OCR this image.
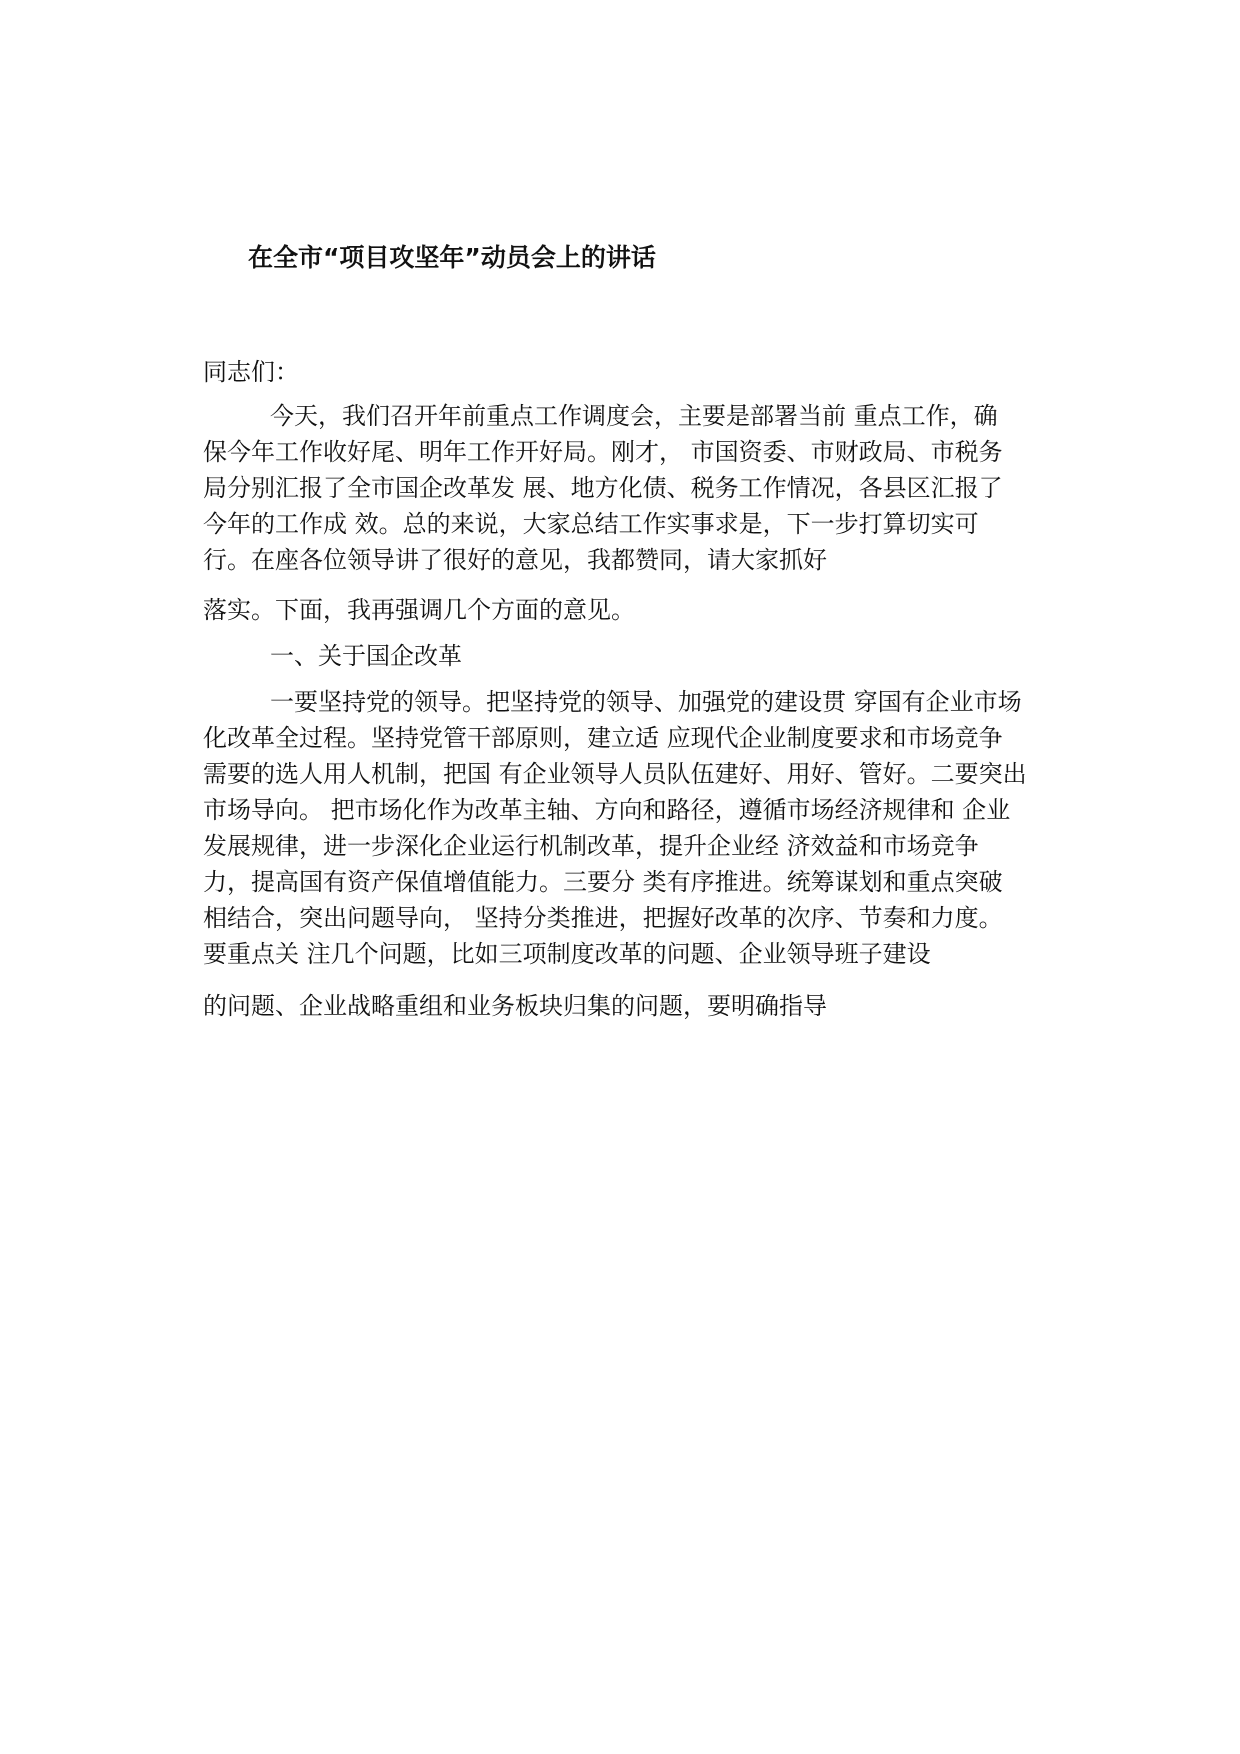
在全市“项目攻坚年”动员会上的讲话
同志们：
今天，我们召开年前重点工作调度会，主要是部署当前 重点工作，确
保今年工作收好尾、明年工作开好局。刚才， 市国资委、市财政局、市税务
局分别汇报了全市国企改革发 展、地方化债、税务工作情况，各县区汇报了
今年的工作成 效。总的来说，大家总结工作实事求是，下一步打算切实可
行。在座各位领导讲了很好的意见，我都赞同，请大家抓好
落实。下面，我再强调几个方面的意见。
一、关于国企改革
一要坚持党的领导。把坚持党的领导、加强党的建设贯 穿国有企业市场
化改革全过程。坚持党管干部原则，建立适 应现代企业制度要求和市场竞争
需要的选人用人机制，把国 有企业领导人员队伍建好、用好、管好。二要突出
市场导向。 把市场化作为改革主轴、方向和路径，遵循市场经济规律和 企业
发展规律，进一步深化企业运行机制改革，提升企业经 济效益和市场竞争
力，提高国有资产保值增值能力。三要分 类有序推进。统筹谋划和重点突破
相结合，突出问题导向， 坚持分类推进，把握好改革的次序、节奏和力度。
要重点关 注几个问题，比如三项制度改革的问题、企业领导班子建设
的问题、企业战略重组和业务板块归集的问题，要明确指导
